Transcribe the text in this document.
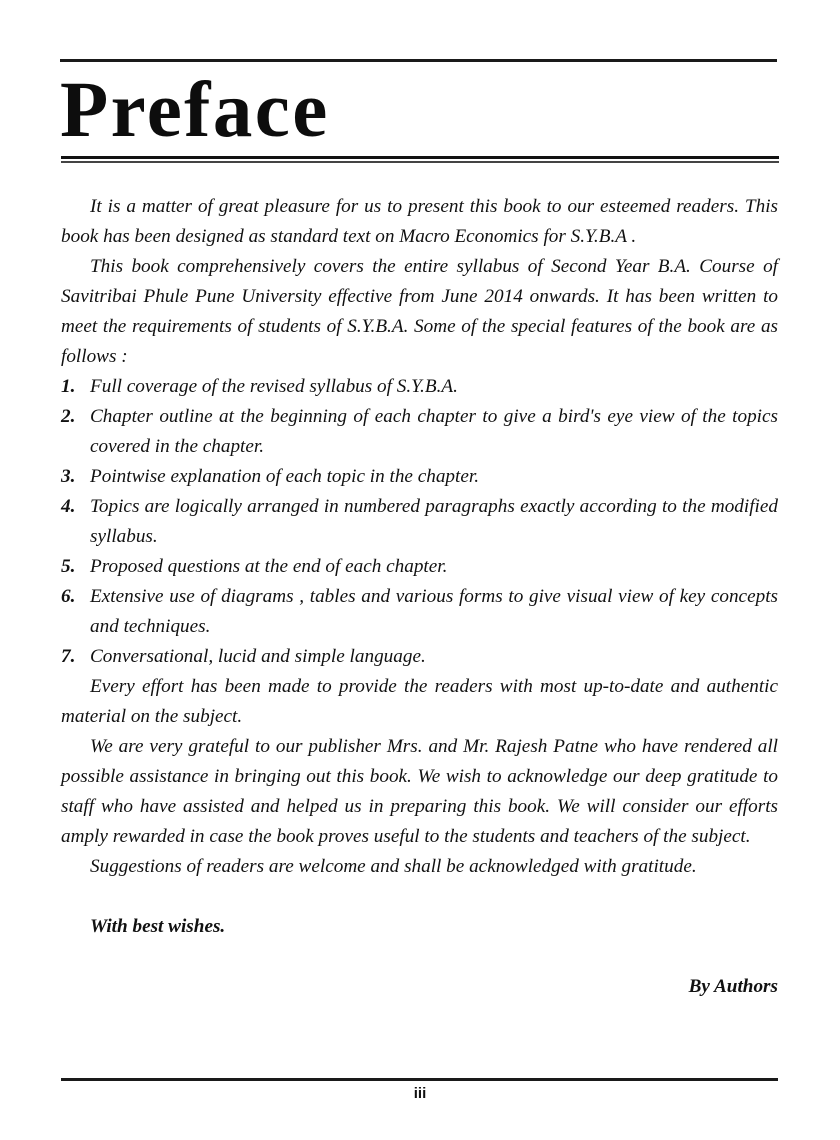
Preface

It is a matter of great pleasure for us to present this book to our esteemed readers. This book has been designed as standard text on Macro Economics for S.Y.B.A .

This book comprehensively covers the entire syllabus of Second Year B.A. Course of Savitribai Phule Pune University effective from June 2014 onwards. It has been written to meet the requirements of students of S.Y.B.A. Some of the special features of the book are as follows :

1. Full coverage of the revised syllabus of S.Y.B.A.
2. Chapter outline at the beginning of each chapter to give a bird's eye view of the topics covered in the chapter.
3. Pointwise explanation of each topic in the chapter.
4. Topics are logically arranged in numbered paragraphs exactly according to the modified syllabus.
5. Proposed questions at the end of each chapter.
6. Extensive use of diagrams , tables and various forms to give visual view of key concepts and techniques.
7. Conversational, lucid and simple language.

Every effort has been made to provide the readers with most up-to-date and authentic material on the subject.

We are very grateful to our publisher Mrs. and Mr. Rajesh Patne who have rendered all possible assistance in bringing out this book. We wish to acknowledge our deep gratitude to staff who have assisted and helped us in preparing this book. We will consider our efforts amply rewarded in case the book proves useful to the students and teachers of the subject.

Suggestions of readers are welcome and shall be acknowledged with gratitude.

With best wishes.

By Authors

iii
